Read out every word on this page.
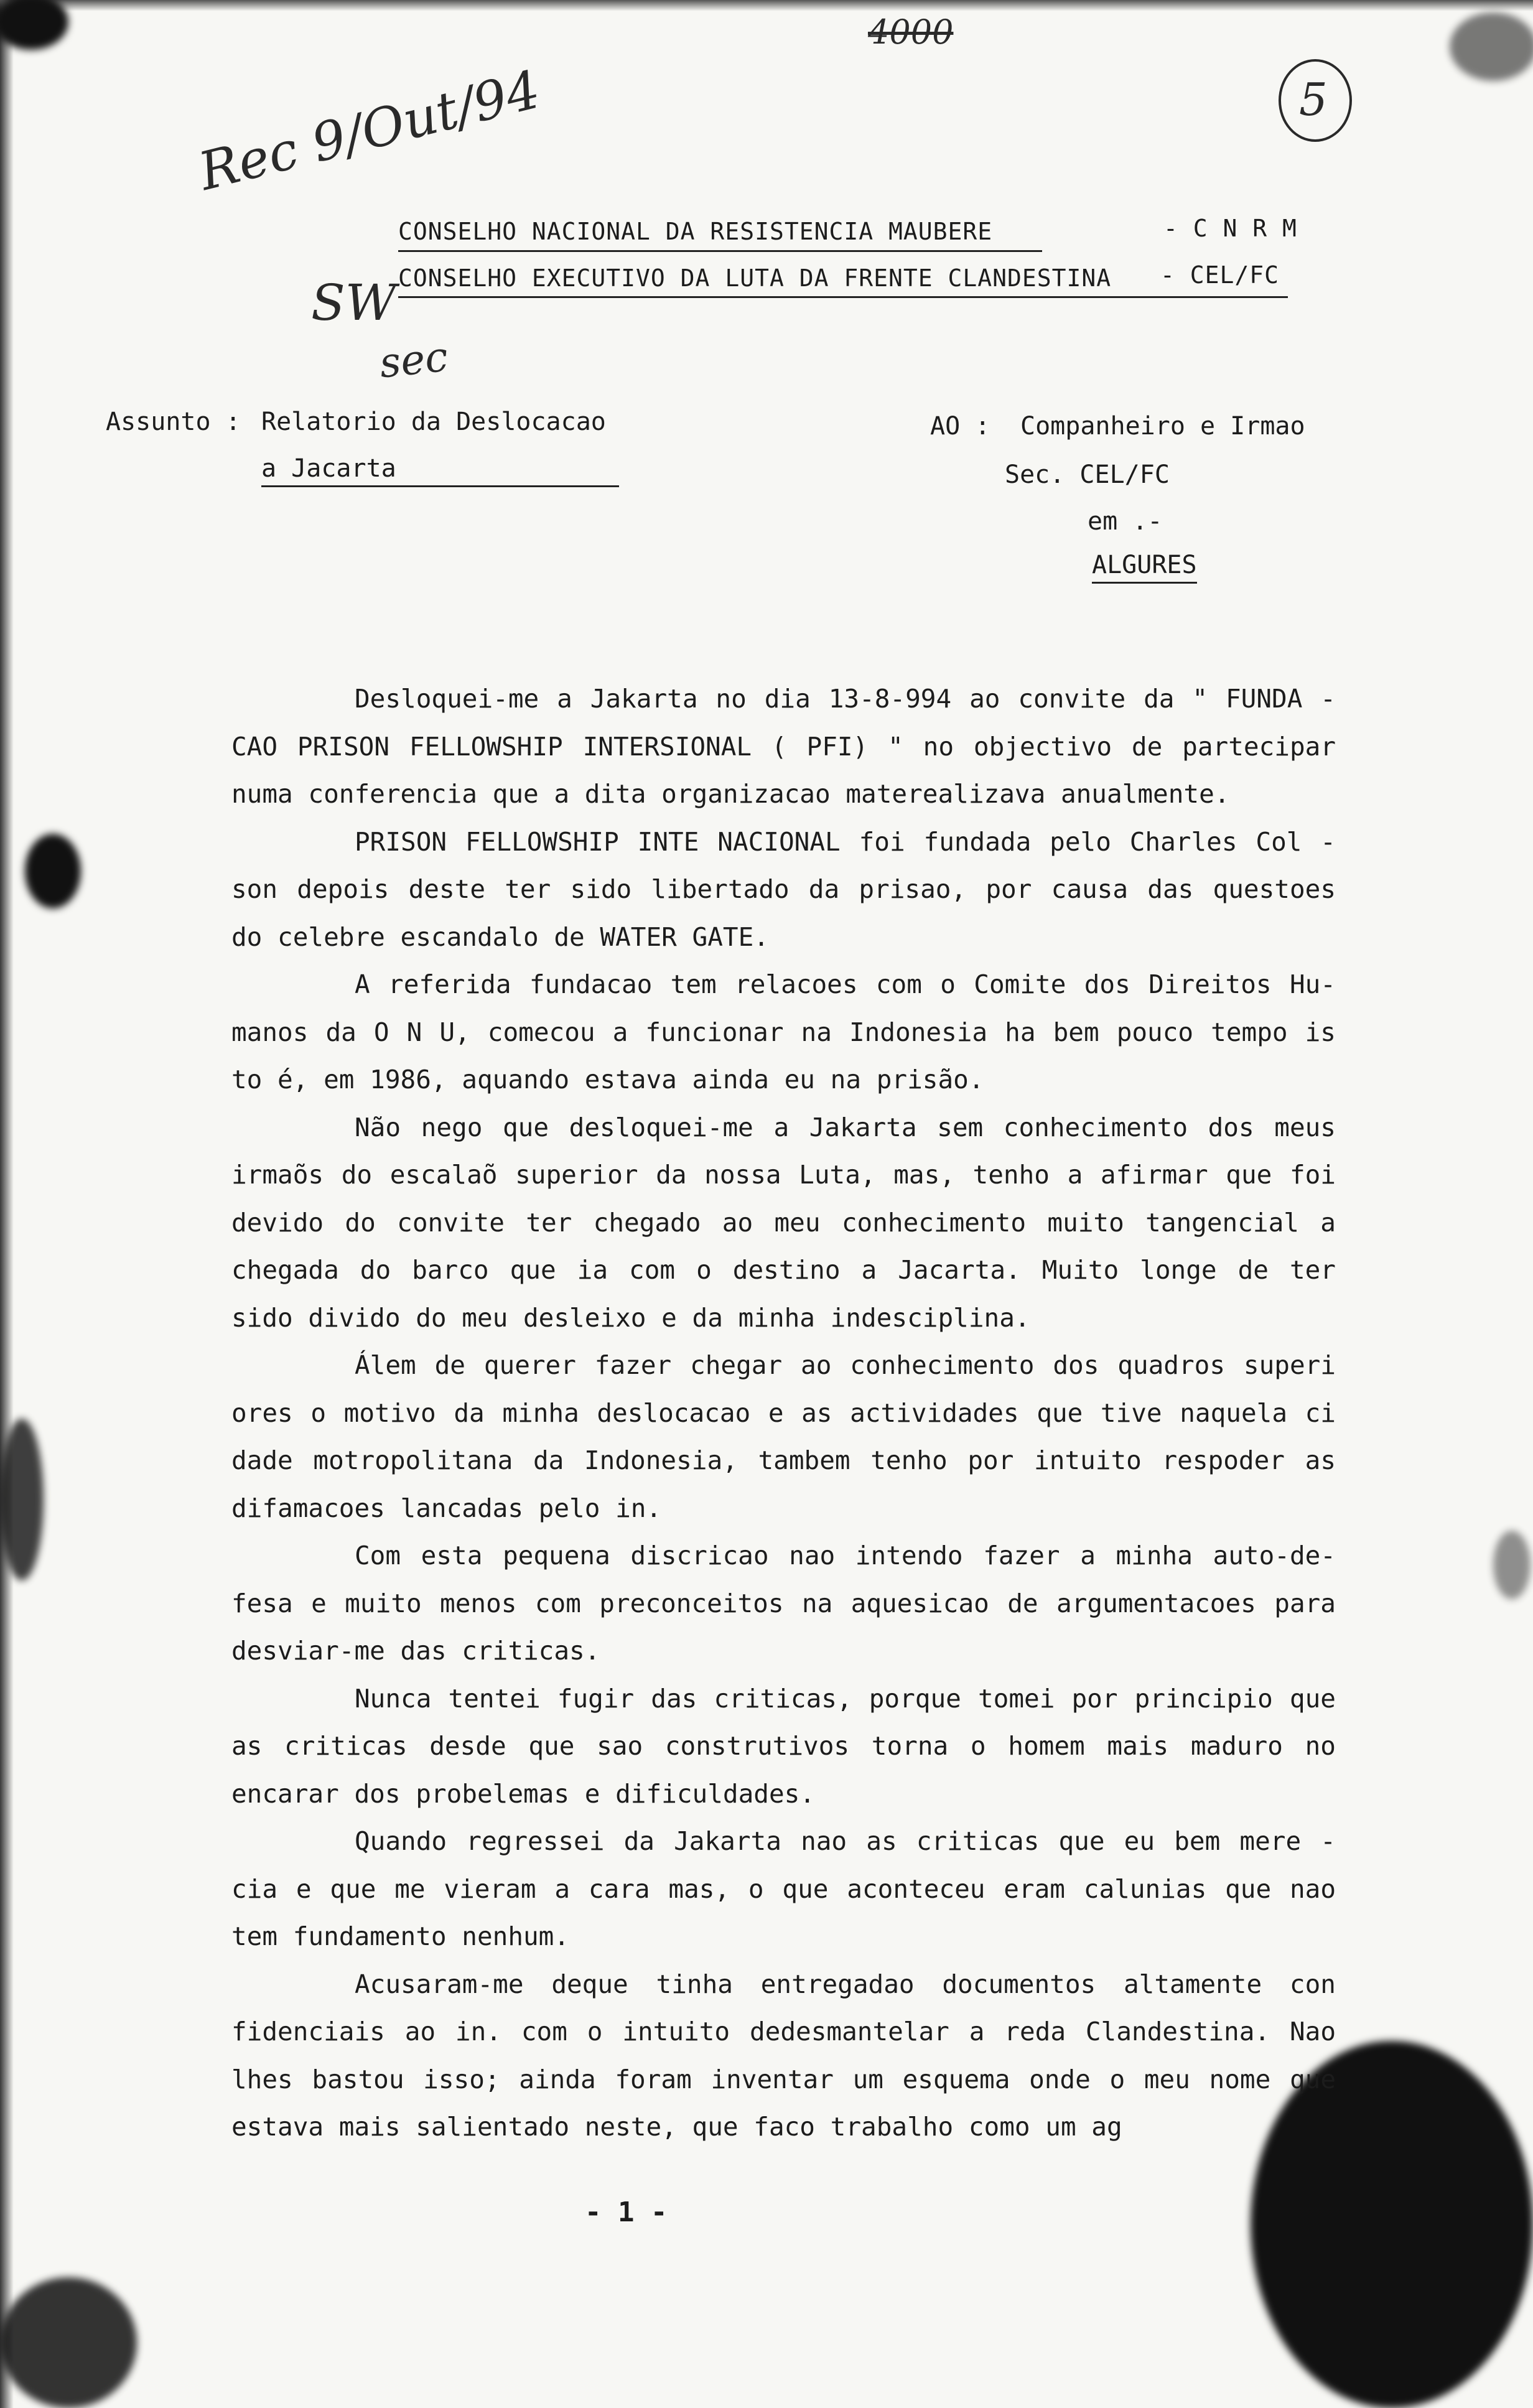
4000
5
Rec 9/Out/94
SW
sec
CONSELHO NACIONAL DA RESISTENCIA MAUBERE	- C N R M
CONSELHO EXECUTIVO DA LUTA DA FRENTE CLANDESTINA - CEL/FC
Assunto : Relatorio da Deslocacao
a Jacarta
AO : Companheiro e Irmao
Sec. CEL/FC
em .-
ALGURES

Desloquei-me a Jakarta no dia 13-8-994 ao convite da " FUNDA - CAO PRISON FELLOWSHIP INTERSIONAL ( PFI) " no objectivo de partecipar numa conferencia que a dita organizacao materealizava anualmente.

PRISON FELLOWSHIP INTE NACIONAL foi fundada pelo Charles Col - son depois deste ter sido libertado da prisao, por causa das questoes do celebre escandalo de WATER GATE.

A referida fundacao tem relacoes com o Comite dos Direitos Hu- manos da O N U, comecou a funcionar na Indonesia ha bem pouco tempo is to é, em 1986, aquando estava ainda eu na prisão.

Não nego que desloquei-me a Jakarta sem conhecimento dos meus irmaõs do escalaõ superior da nossa Luta, mas, tenho a afirmar que foi devido do convite ter chegado ao meu conhecimento muito tangencial a chegada do barco que ia com o destino a Jacarta. Muito longe de ter sido divido do meu desleixo e da minha indesciplina.

Álem de querer fazer chegar ao conhecimento dos quadros superi ores o motivo da minha deslocacao e as actividades que tive naquela ci dade motropolitana da Indonesia, tambem tenho por intuito respoder as difamacoes lancadas pelo in.

Com esta pequena discricao nao intendo fazer a minha auto-de- fesa e muito menos com preconceitos na aquesicao de argumentacoes para desviar-me das criticas.

Nunca tentei fugir das criticas, porque tomei por principio que as criticas desde que sao construtivos torna o homem mais maduro no encarar dos probelemas e dificuldades.

Quando regressei da Jakarta nao as criticas que eu bem mere - cia e que me vieram a cara mas, o que aconteceu eram calunias que nao tem fundamento nenhum.

Acusaram-me deque tinha entregadao documentos altamente con fidenciais ao in. com o intuito dedesmantelar a reda Clandestina. Nao lhes bastou isso; ainda foram inventar um esquema onde o meu nome que estava mais salientado neste, que faco trabalho como um ag

- 1 -
